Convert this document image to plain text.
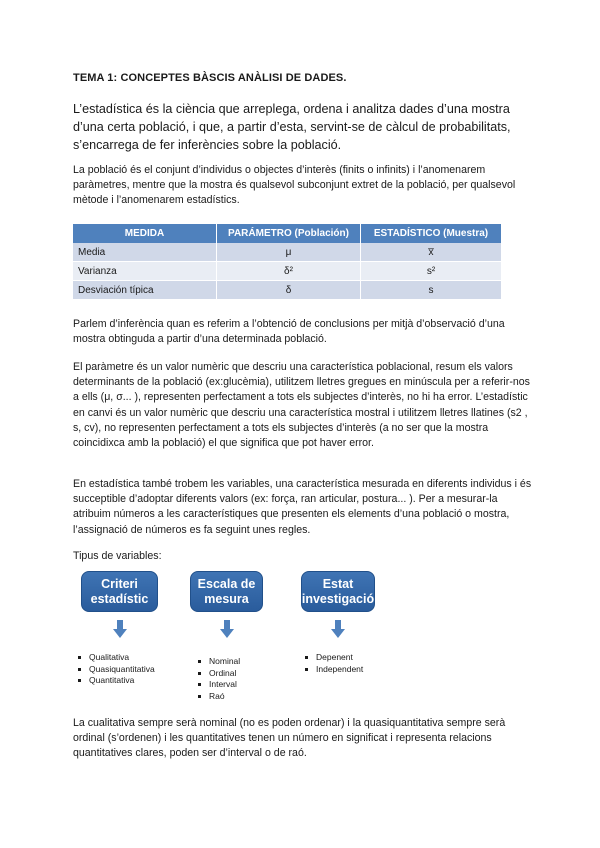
TEMA 1: CONCEPTES BÀSCIS ANÀLISI DE DADES.
L’estadística és la ciència que arreplega, ordena i analitza dades d’una mostra d’una certa població, i que, a partir d’esta, servint-se de càlcul de probabilitats, s’encarrega de fer inferències sobre la població.
La població és el conjunt d’individus o objectes d’interès (finits o infinits) i l’anomenarem paràmetres, mentre que la mostra és qualsevol subconjunt extret de la població, per qualsevol mètode i l’anomenarem estadístics.
MEDIDA	PARÁMETRO (Población)	ESTADÍSTICO (Muestra)
Media	μ	x̅
Varianza	δ²	s²
Desviación típica	δ	s
Parlem d’inferència quan es referim a l’obtenció de conclusions per mitjà d’observació d’una mostra obtinguda a partir d’una determinada població.
El paràmetre és un valor numèric que descriu una característica poblacional, resum els valors determinants de la població (ex:glucèmia), utilitzem lletres gregues en minúscula per a referir-nos a ells (μ, σ... ), representen perfectament a tots els subjectes d’interès, no hi ha error. L’estadístic en canvi és un valor numèric que descriu una característica mostral i utilitzem lletres llatines (s2 , s, cv), no representen perfectament a tots els subjectes d’interès (a no ser que la mostra coincidixca amb la població) el que significa que pot haver error.
En estadística també trobem les variables, una característica mesurada en diferents individus i és succeptible d’adoptar diferents valors (ex: força, ran articular, postura... ). Per a mesurar-la atribuim números a les característiques que presenten els elements d’una població o mostra, l’assignació de números es fa seguint unes regles.
Tipus de variables:
Criteri estadístic
Escala de mesura
Estat investigació
Qualitativa
Quasiquantitativa
Quantitativa
Nominal
Ordinal
Interval
Raó
Depenent
Independent
La cualitativa sempre serà nominal (no es poden ordenar) i la quasiquantitativa sempre serà ordinal (s’ordenen) i les quantitatives tenen un número en significat i representa relacions quantitatives clares, poden ser d’interval o de raó.
